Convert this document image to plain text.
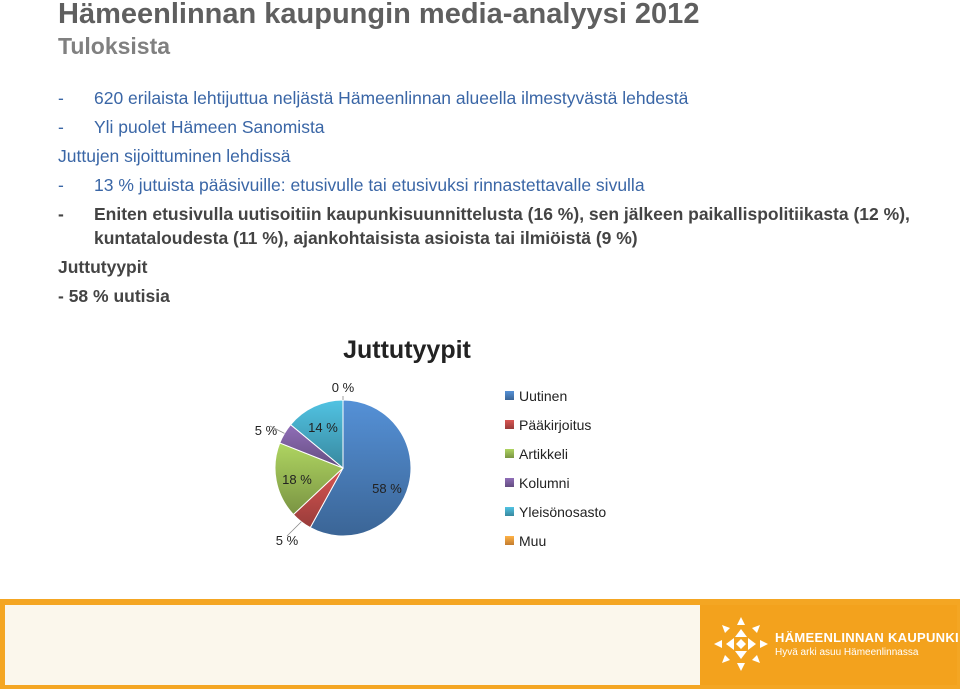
Hämeenlinnan kaupungin media-analyysi 2012
Tuloksista
-	620 erilaista lehtijuttua neljästä Hämeenlinnan alueella ilmestyvästä lehdestä
-	Yli puolet Hämeen Sanomista
Juttujen sijoittuminen lehdissä
-	13 % jutuista pääsivuille: etusivulle tai etusivuksi rinnastettavalle sivulla
-	Eniten etusivulla uutisoitiin kaupunkisuunnittelusta (16 %), sen jälkeen paikallispolitiikasta (12 %), kuntataloudesta (11 %), ajankohtaisista asioista tai ilmiöistä (9 %)
Juttutyypit
- 58 % uutisia
Juttutyypit
58 %
5 %
18 %
5 % 14 %
0 %
Uutinen
Pääkirjoitus
Artikkeli
Kolumni
Yleisönosasto
Muu
HÄMEENLINNAN KAUPUNKI
Hyvä arki asuu Hämeenlinnassa
